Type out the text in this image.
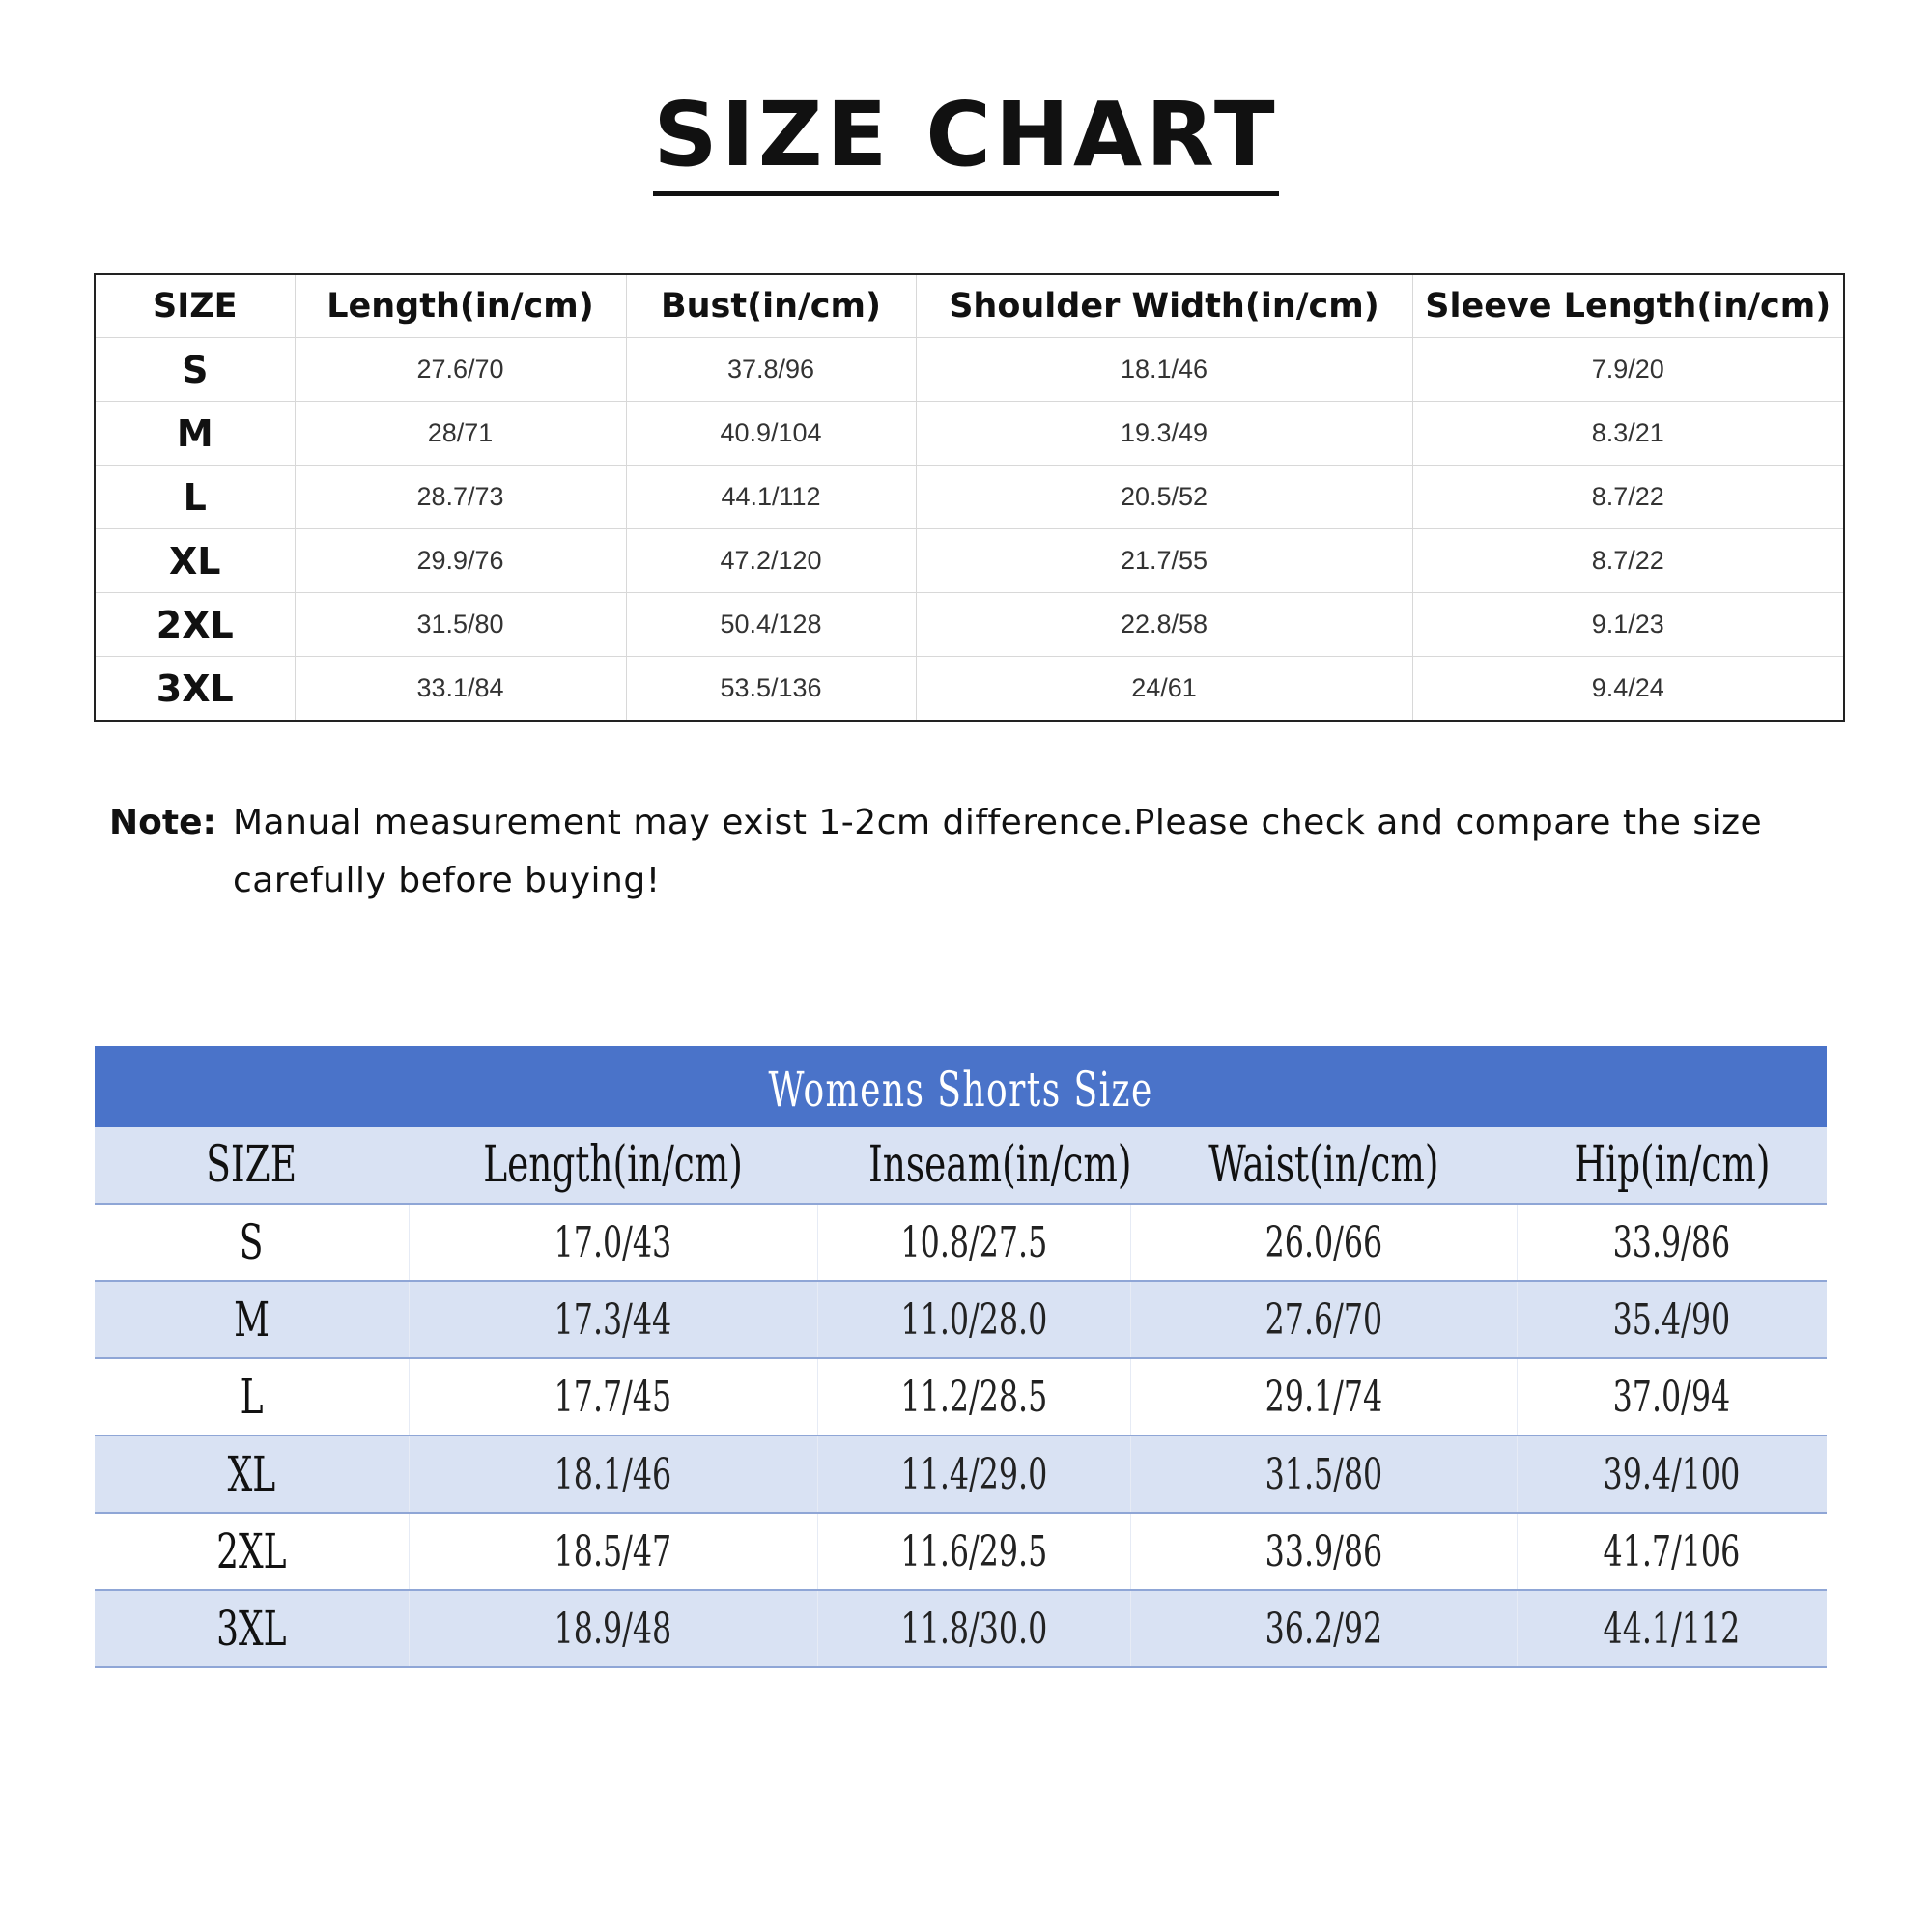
SIZE CHART
SIZE	Length(in/cm)	Bust(in/cm)	Shoulder Width(in/cm)	Sleeve Length(in/cm)
S	27.6/70	37.8/96	18.1/46	7.9/20
M	28/71	40.9/104	19.3/49	8.3/21
L	28.7/73	44.1/112	20.5/52	8.7/22
XL	29.9/76	47.2/120	21.7/55	8.7/22
2XL	31.5/80	50.4/128	22.8/58	9.1/23
3XL	33.1/84	53.5/136	24/61	9.4/24
Note: Manual measurement may exist 1-2cm difference.Please check and compare the size carefully before buying!
Womens Shorts Size
SIZE	Length(in/cm)	Inseam(in/cm)	Waist(in/cm)	Hip(in/cm)
S	17.0/43	10.8/27.5	26.0/66	33.9/86
M	17.3/44	11.0/28.0	27.6/70	35.4/90
L	17.7/45	11.2/28.5	29.1/74	37.0/94
XL	18.1/46	11.4/29.0	31.5/80	39.4/100
2XL	18.5/47	11.6/29.5	33.9/86	41.7/106
3XL	18.9/48	11.8/30.0	36.2/92	44.1/112
